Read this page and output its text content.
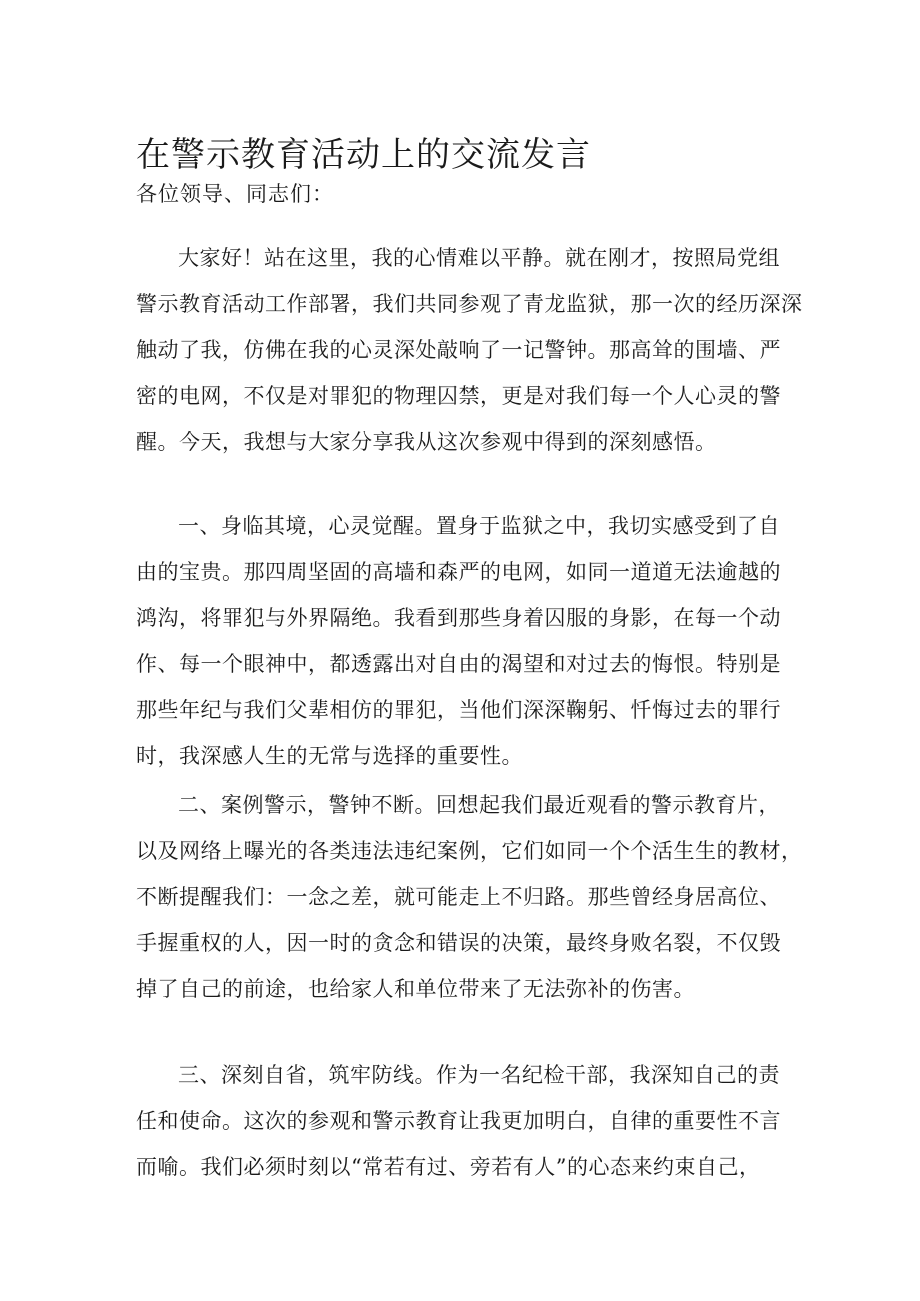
在警示教育活动上的交流发言
各位领导、同志们：
大家好！站在这里，我的心情难以平静。就在刚才，按照局党组
警示教育活动工作部署，我们共同参观了青龙监狱，那一次的经历深深
触动了我，仿佛在我的心灵深处敲响了一记警钟。那高耸的围墙、严
密的电网，不仅是对罪犯的物理囚禁，更是对我们每一个人心灵的警
醒。今天，我想与大家分享我从这次参观中得到的深刻感悟。
一、身临其境，心灵觉醒。置身于监狱之中，我切实感受到了自
由的宝贵。那四周坚固的高墙和森严的电网，如同一道道无法逾越的
鸿沟，将罪犯与外界隔绝。我看到那些身着囚服的身影，在每一个动
作、每一个眼神中，都透露出对自由的渴望和对过去的悔恨。特别是
那些年纪与我们父辈相仿的罪犯，当他们深深鞠躬、忏悔过去的罪行
时，我深感人生的无常与选择的重要性。
二、案例警示，警钟不断。回想起我们最近观看的警示教育片，
以及网络上曝光的各类违法违纪案例，它们如同一个个活生生的教材，
不断提醒我们：一念之差，就可能走上不归路。那些曾经身居高位、
手握重权的人，因一时的贪念和错误的决策，最终身败名裂，不仅毁
掉了自己的前途，也给家人和单位带来了无法弥补的伤害。
三、深刻自省，筑牢防线。作为一名纪检干部，我深知自己的责
任和使命。这次的参观和警示教育让我更加明白，自律的重要性不言
而喻。我们必须时刻以“常若有过、旁若有人”的心态来约束自己，
